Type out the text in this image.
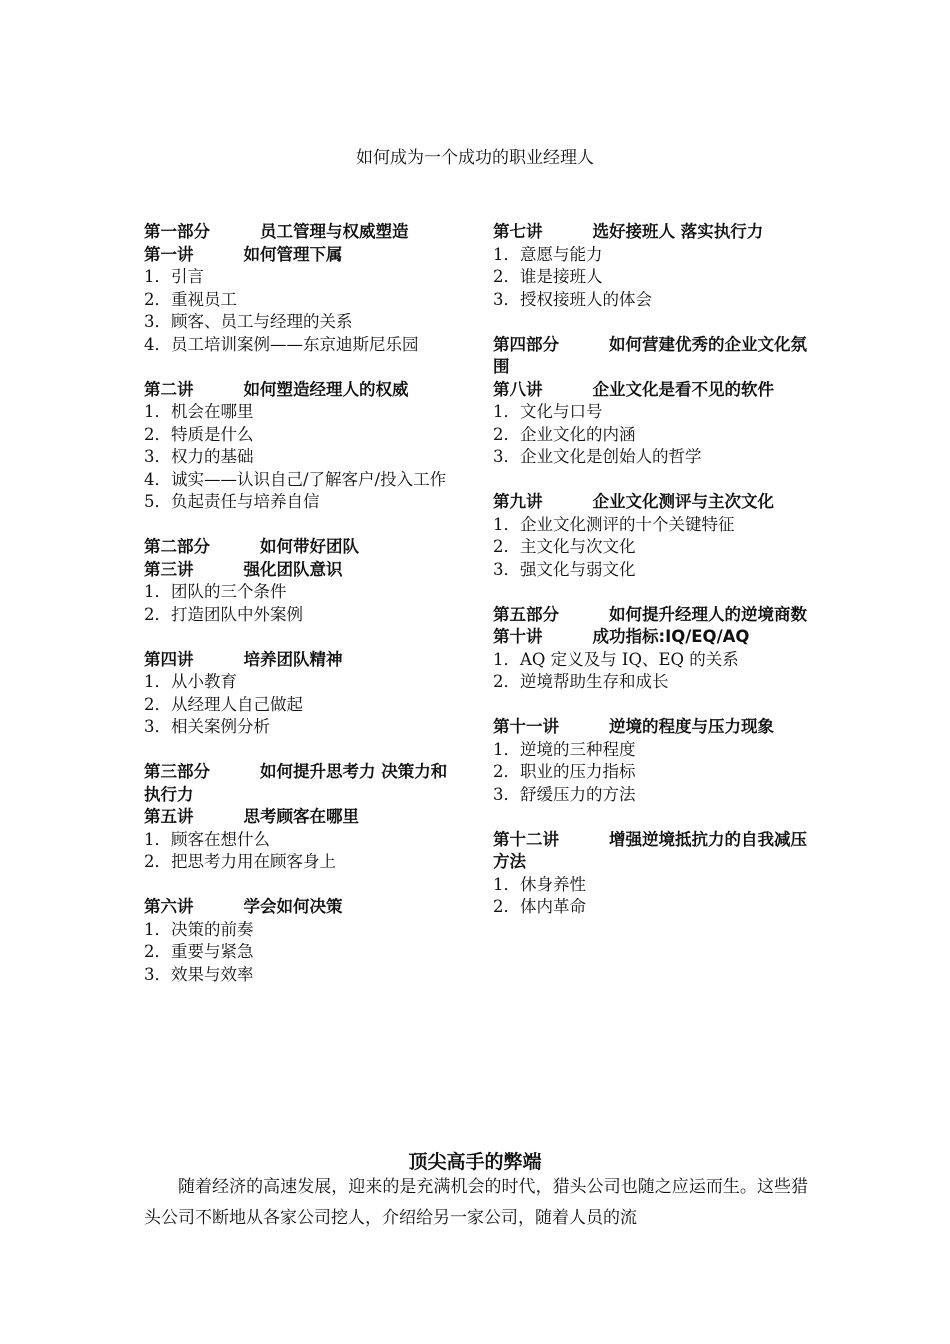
如何成为一个成功的职业经理人
第一部分	员工管理与权威塑造
第一讲	如何管理下属
1．引言
2．重视员工
3．顾客、员工与经理的关系
4．员工培训案例——东京迪斯尼乐园
第二讲	如何塑造经理人的权威
1．机会在哪里
2．特质是什么
3．权力的基础
4．诚实——认识自己/了解客户/投入工作
5．负起责任与培养自信
第二部分	如何带好团队
第三讲	强化团队意识
1．团队的三个条件
2．打造团队中外案例
第四讲	培养团队精神
1．从小教育
2．从经理人自己做起
3．相关案例分析
第三部分	如何提升思考力 决策力和执行力
第五讲	思考顾客在哪里
1．顾客在想什么
2．把思考力用在顾客身上
第六讲	学会如何决策
1．决策的前奏
2．重要与紧急
3．效果与效率
第七讲	选好接班人 落实执行力
1．意愿与能力
2．谁是接班人
3．授权接班人的体会
第四部分	如何营建优秀的企业文化氛围
第八讲	企业文化是看不见的软件
1．文化与口号
2．企业文化的内涵
3．企业文化是创始人的哲学
第九讲	企业文化测评与主次文化
1．企业文化测评的十个关键特征
2．主文化与次文化
3．强文化与弱文化
第五部分	如何提升经理人的逆境商数
第十讲	成功指标:IQ/EQ/AQ
1．AQ 定义及与 IQ、EQ 的关系
2．逆境帮助生存和成长
第十一讲	逆境的程度与压力现象
1．逆境的三种程度
2．职业的压力指标
3．舒缓压力的方法
第十二讲	增强逆境抵抗力的自我减压方法
1．休身养性
2．体内革命
顶尖高手的弊端
随着经济的高速发展，迎来的是充满机会的时代，猎头公司也随之应运而生。这些猎头公司不断地从各家公司挖人，介绍给另一家公司，随着人员的流
